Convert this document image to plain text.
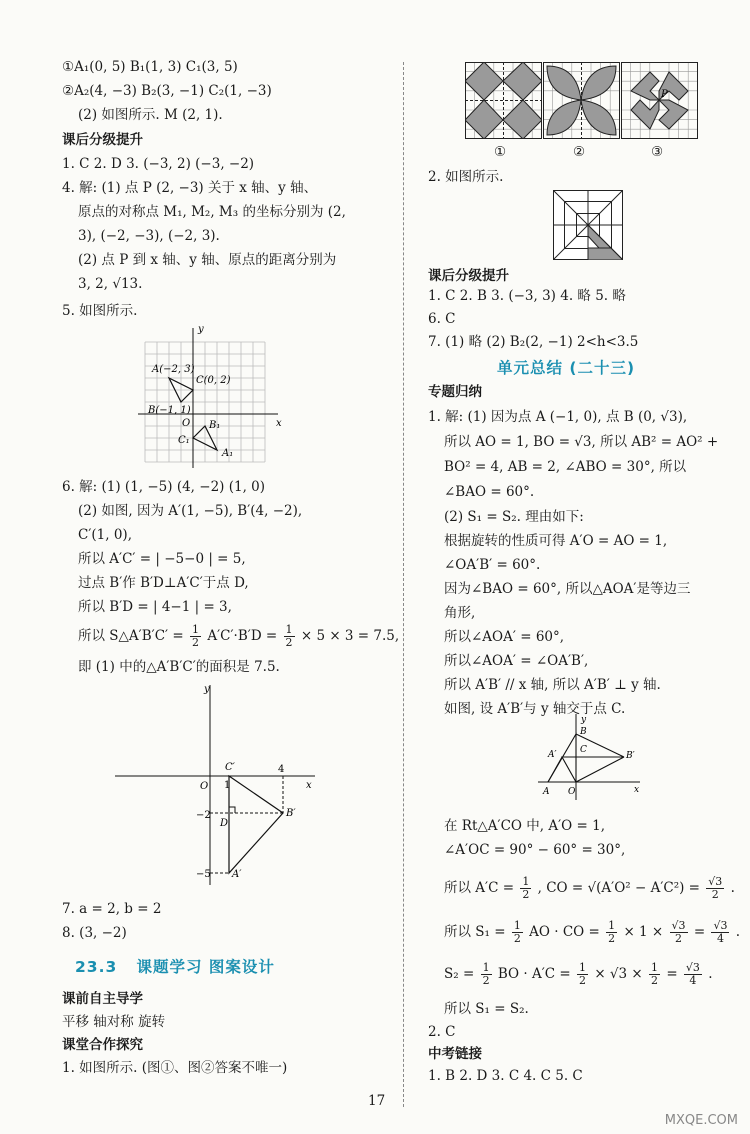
①A₁(0, 5) B₁(1, 3) C₁(3, 5)
②A₂(4, −3) B₂(3, −1) C₂(1, −3)
(2) 如图所示. M (2, 1).
课后分级提升
1. C 2. D 3. (−3, 2) (−3, −2)
4. 解: (1) 点 P (2, −3) 关于 x 轴、y 轴、
原点的对称点 M₁, M₂, M₃ 的坐标分别为 (2,
3), (−2, −3), (−2, 3).
(2) 点 P 到 x 轴、y 轴、原点的距离分别为
3, 2, √13.
5. 如图所示.
y
x
A(−2, 3)
C(0, 2)
B(−1, 1)
O B₁
C₁
A₁
6. 解: (1) (1, −5) (4, −2) (1, 0)
(2) 如图, 因为 A′(1, −5), B′(4, −2),
C′(1, 0),
所以 A′C′ = | −5−0 | = 5,
过点 B′作 B′D⊥A′C′于点 D,
所以 B′D = | 4−1 | = 3,
所以 S△A′B′C′ = $\frac{1}{2} A'C'\cdot B'D = \frac{1}{2} \times 5 \times 3 = 7.5$,
即 (1) 中的△A′B′C′的面积是 7.5.
y
x
O 1
4
C′
B′
A′
D
−2
−5
7. a = 2, b = 2
8. (3, −2)
23.3 课题学习 图案设计
课前自主导学
平移 轴对称 旋转
课堂合作探究
1. 如图所示. (图①、图②答案不唯一)
P
①	②	③
2. 如图所示.
课后分级提升
1. C 2. B 3. (−3, 3) 4. 略 5. 略
6. C
7. (1) 略 (2) B₂(2, −1) 2<h<3.5
单元总结 (二十三)
专题归纳
1. 解: (1) 因为点 A (−1, 0), 点 B (0, √3),
所以 AO = 1, BO = √3, 所以 AB² = AO² +
BO² = 4, AB = 2, ∠ABO = 30°, 所以
∠BAO = 60°.
(2) S₁ = S₂. 理由如下:
根据旋转的性质可得 A′O = AO = 1,
∠OA′B′ = 60°.
因为∠BAO = 60°, 所以△AOA′是等边三
角形,
所以∠AOA′ = 60°,
所以∠AOA′ = ∠OA′B′,
所以 A′B′ // x 轴, 所以 A′B′ ⊥ y 轴.
如图, 设 A′B′与 y 轴交于点 C.
y
x
B
C
A′	B′
A O
在 Rt△A′CO 中, A′O = 1,
∠A′OC = 90° − 60° = 30°,
所以 $A'C = \frac{1}{2}$ , CO = $√(A'O^2 - A'C^2) = \frac{√3}{2}$ .
所以 $S_1 = \frac{1}{2}$ AO · CO = $\frac{1}{2} \times 1 \times \frac{√3}{2} = \frac{√3}{4}$ .
$S_2 = \frac{1}{2}$ BO · $A'C = \frac{1}{2} \times √3 \times \frac{1}{2} = \frac{√3}{4}$ .
所以 S₁ = S₂.
2. C
中考链接
1. B 2. D 3. C 4. C 5. C
17
MXQE.COM
